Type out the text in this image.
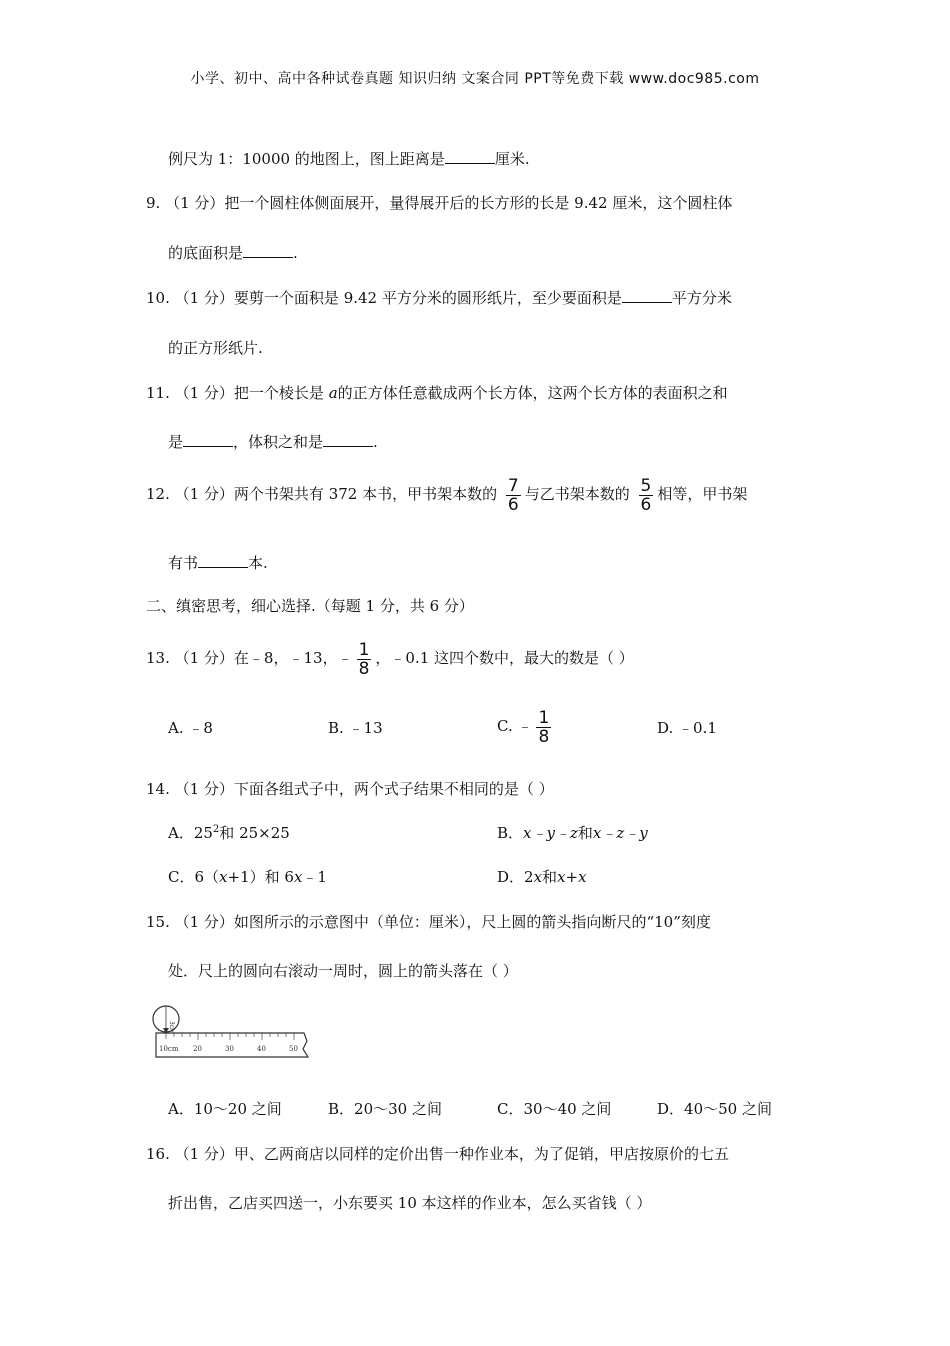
小学、初中、高中各种试卷真题 知识归纳 文案合同 PPT等免费下载 www.doc985.com
例尺为 1：10000 的地图上，图上距离是	厘米.
9. （1 分）把一个圆柱体侧面展开，量得展开后的长方形的长是 9.42 厘米，这个圆柱体
的底面积是	.
10. （1 分）要剪一个面积是 9.42 平方分米的圆形纸片，至少要面积是	平方分米
的正方形纸片.
11. （1 分）把一个棱长是 a的正方体任意截成两个长方体，这两个长方体的表面积之和
是	，体积之和是	.
12. （1 分）两个书架共有 372 本书，甲书架本数的 $\frac{7}{6}$ 与乙书架本数的 $\frac{5}{6}$ 相等，甲书架
有书	本.
二、缜密思考，细心选择.（每题 1 分，共 6 分）
13. （1 分）在﹣8，﹣13，﹣ $\frac{1}{8}$ ，﹣0.1 这四个数中，最大的数是（ ）
A. ﹣8	B. ﹣13	C. ﹣ $\frac{1}{8}$	D. ﹣0.1
14. （1 分）下面各组式子中，两个式子结果不相同的是（ ）
A．$25^2$和 25×25	B．x﹣y﹣z和x﹣z﹣y
C．6（x+1）和 6x﹣1	D．2x和x+x
15. （1 分）如图所示的示意图中（单位：厘米），尺上圆的箭头指向断尺的“10”刻度
处．尺上的圆向右滚动一周时，圆上的箭头落在（ ）
3cm
10cm 20	30	40	50
A．10～20 之间	B．20～30 之间	C．30～40 之间	D．40～50 之间
16. （1 分）甲、乙两商店以同样的定价出售一种作业本，为了促销，甲店按原价的七五
折出售，乙店买四送一，小东要买 10 本这样的作业本，怎么买省钱（ ）
